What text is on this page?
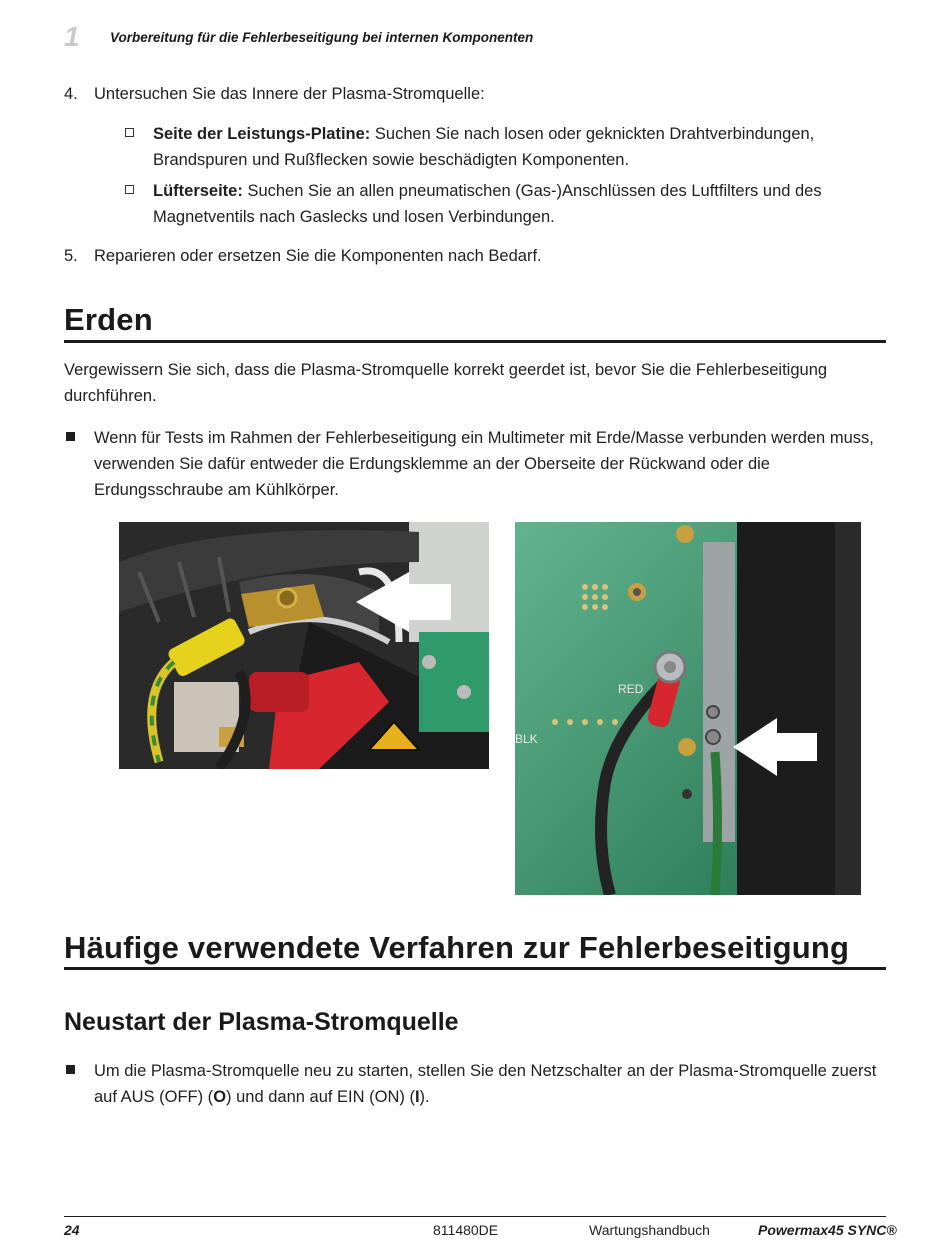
1	Vorbereitung für die Fehlerbeseitigung bei internen Komponenten
4. Untersuchen Sie das Innere der Plasma-Stromquelle:
Seite der Leistungs-Platine: Suchen Sie nach losen oder geknickten Drahtverbindungen, Brandspuren und Rußflecken sowie beschädigten Komponenten.
Lüfterseite: Suchen Sie an allen pneumatischen (Gas-)Anschlüssen des Luftfilters und des Magnetventils nach Gaslecks und losen Verbindungen.
5. Reparieren oder ersetzen Sie die Komponenten nach Bedarf.
Erden
Vergewissern Sie sich, dass die Plasma-Stromquelle korrekt geerdet ist, bevor Sie die Fehlerbeseitigung durchführen.
Wenn für Tests im Rahmen der Fehlerbeseitigung ein Multimeter mit Erde/Masse verbunden werden muss, verwenden Sie dafür entweder die Erdungsklemme an der Oberseite der Rückwand oder die Erdungsschraube am Kühlkörper.
RED
BLK
Häufige verwendete Verfahren zur Fehlerbeseitigung
Neustart der Plasma-Stromquelle
Um die Plasma-Stromquelle neu zu starten, stellen Sie den Netzschalter an der Plasma-Stromquelle zuerst auf AUS (OFF) (O) und dann auf EIN (ON) (I).
24	811480DE	Wartungshandbuch	Powermax45 SYNC®
